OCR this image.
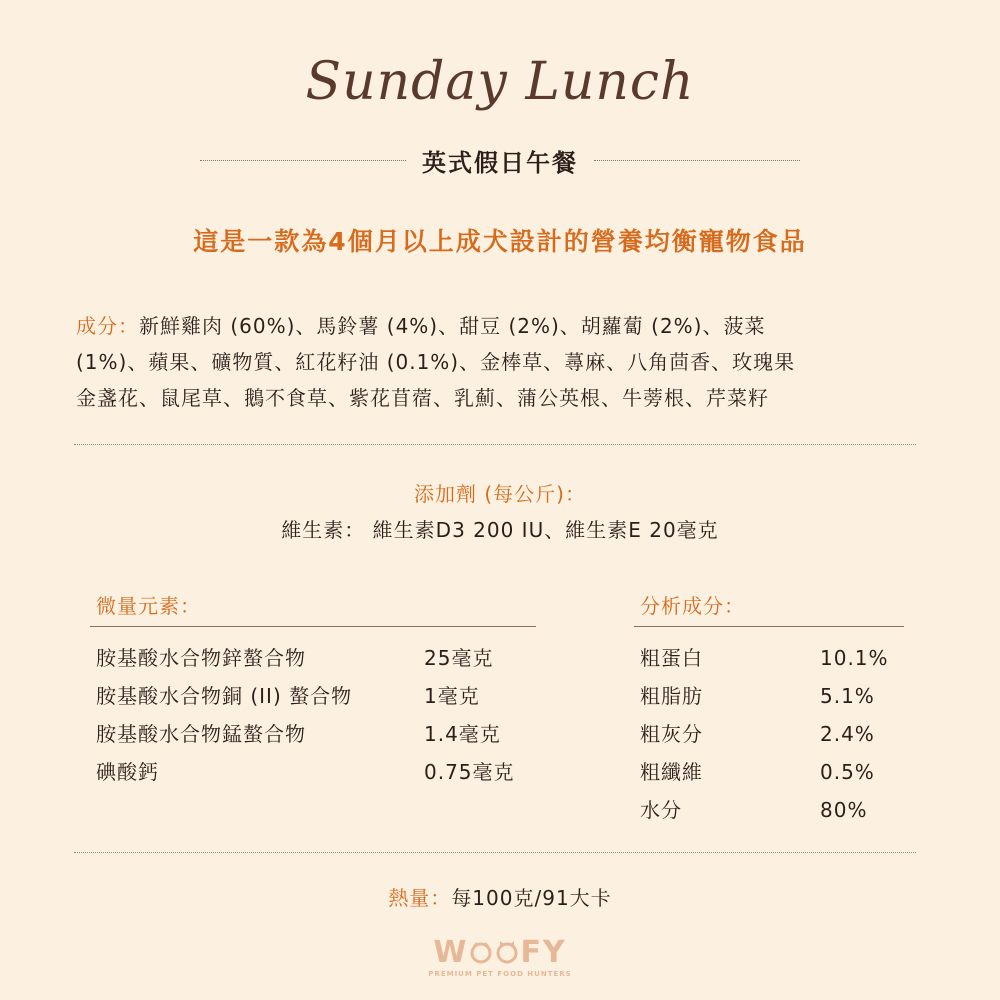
Sunday Lunch
英式假日午餐
這是一款為4個月以上成犬設計的營養均衡寵物食品
成分：新鮮雞肉 (60%)、馬鈴薯 (4%)、甜豆 (2%)、胡蘿蔔 (2%)、菠菜
(1%)、蘋果、礦物質、紅花籽油 (0.1%)、金棒草、蕁麻、八角茴香、玫瑰果
金盞花、鼠尾草、鵝不食草、紫花苜蓿、乳薊、蒲公英根、牛蒡根、芹菜籽
添加劑 (每公斤)：
維生素： 維生素D3 200 IU、維生素E 20毫克
微量元素：
胺基酸水合物鋅螯合物	25毫克
胺基酸水合物銅 (II) 螯合物	1毫克
胺基酸水合物錳螯合物	1.4毫克
碘酸鈣	0.75毫克
分析成分：
粗蛋白	10.1%
粗脂肪	5.1%
粗灰分	2.4%
粗纖維	0.5%
水分	80%
熱量：每100克/91大卡
W FY
PREMIUM PET FOOD HUNTERS
